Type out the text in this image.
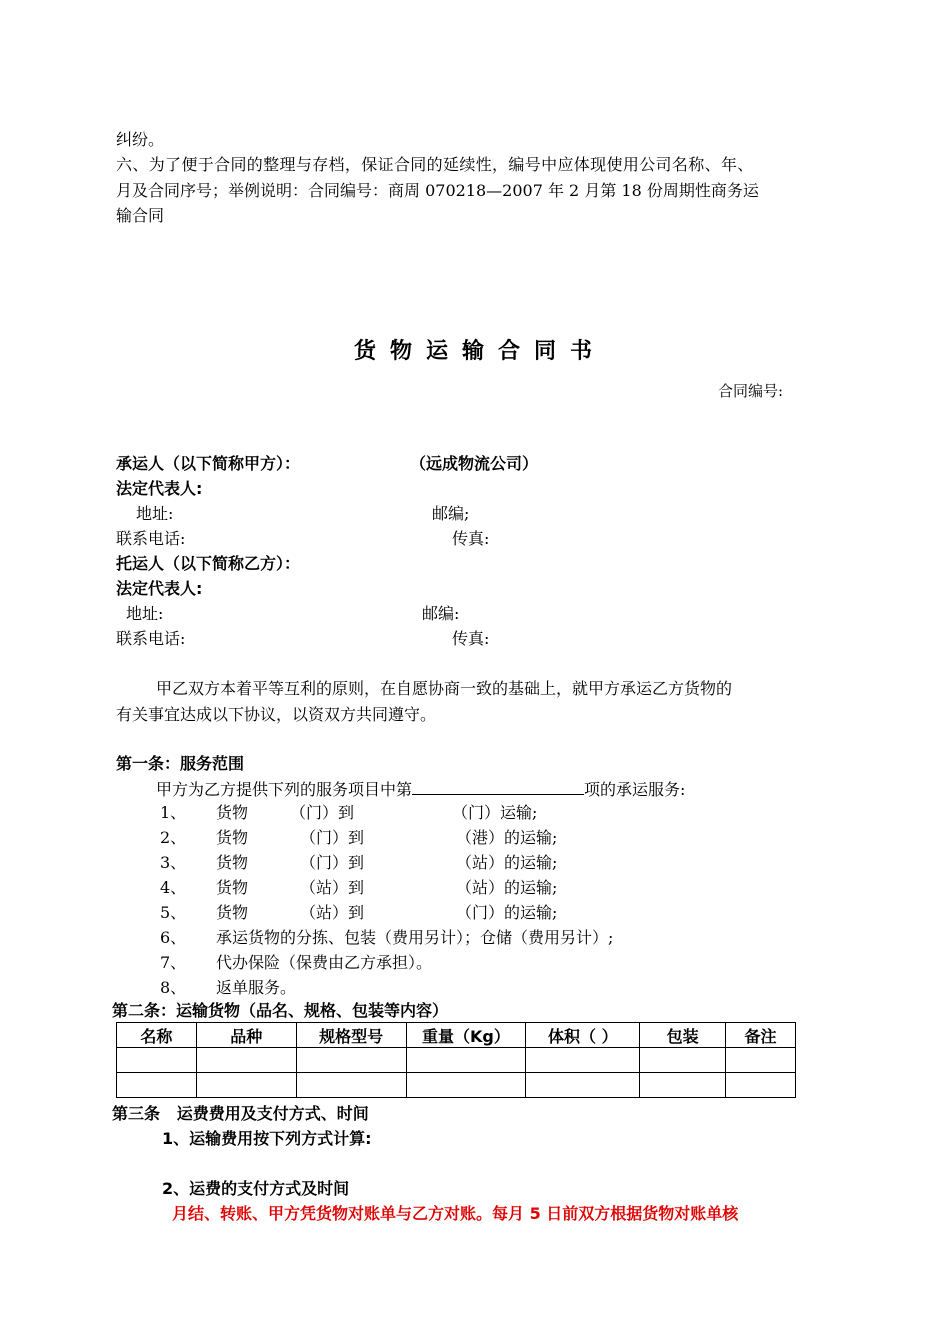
纠纷。
六、为了便于合同的整理与存档，保证合同的延续性，编号中应体现使用公司名称、年、
月及合同序号；举例说明：合同编号：商周 070218—2007 年 2 月第 18 份周期性商务运
输合同
货物运输合同书
合同编号:
承运人（以下简称甲方）：	（远成物流公司）
法定代表人:
地址:	邮编;
联系电话:	传真:
托运人（以下简称乙方）：
法定代表人:
地址:	邮编:
联系电话:	传真:
甲乙双方本着平等互利的原则，在自愿协商一致的基础上，就甲方承运乙方货物的
有关事宜达成以下协议，以资双方共同遵守。
第一条：服务范围
甲方为乙方提供下列的服务项目中第	项的承运服务:
1、 货物	（门）到	（门）运输;
2、 货物	（门）到	（港）的运输;
3、 货物	（门）到	（站）的运输;
4、 货物	（站）到	（站）的运输;
5、 货物	（站）到	（门）的运输;
6、 承运货物的分拣、包装（费用另计）；仓储（费用另计）;
7、 代办保险（保费由乙方承担）。
8、 返单服务。
第二条：运输货物（品名、规格、包装等内容）
名称	品种	规格型号	重量（Kg）	体积（ ）	包装	备注

第三条   运费费用及支付方式、时间
1、运输费用按下列方式计算:
2、运费的支付方式及时间
月结、转账、甲方凭货物对账单与乙方对账。每月 5 日前双方根据货物对账单核
